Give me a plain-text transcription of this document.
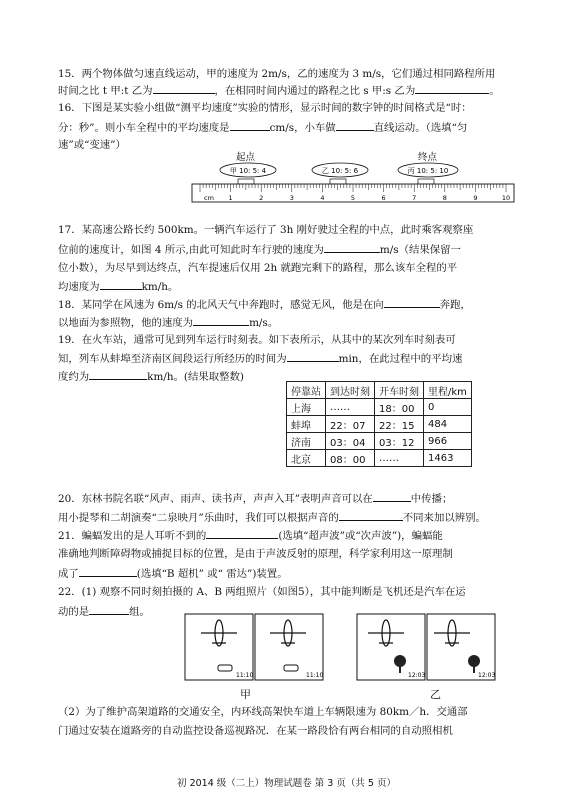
15．两个物体做匀速直线运动，甲的速度为 2m/s，乙的速度为 3 m/s，它们通过相同路程所用
时间之比 t 甲:t 乙为	，在相同时间内通过的路程之比 s 甲:s 乙为	。
16．下图是某实验小组做“测平均速度”实验的情形，显示时间的数字钟的时间格式是“时：
分：秒”。则小车全程中的平均速度是	cm/s，小车做	直线运动。（选填“匀
速”或“变速”）
起点	终点
甲 10: 5: 4	乙 10: 5: 6	丙 10: 5: 10
1	2	3	4	5	6	7	8	9	10
cm
17．某高速公路长约 500km。一辆汽车运行了 3h 刚好驶过全程的中点，此时乘客观察座
位前的速度计，如图 4 所示,由此可知此时车行驶的速度为	m/s（结果保留一
位小数），为尽早到达终点，汽车提速后仅用 2h 就跑完剩下的路程，那么该车全程的平
均速度为	km/h。
18．某同学在风速为 6m/s 的北风天气中奔跑时，感觉无风，他是在向	奔跑，
以地面为参照物，他的速度为	m/s。
19．在火车站，通常可见到列车运行时刻表。如下表所示，从其中的某次列车时刻表可
知，列车从蚌埠至济南区间段运行所经历的时间为	min，在此过程中的平均速
度约为	km/h。(结果取整数)
停靠站	到达时刻	开车时刻	里程/km
上海	……	18：00	0
蚌埠	22：07	22：15	484
济南	03：04	03：12	966
北京	08：00	……	1463
20．东林书院名联“风声、雨声、读书声，声声入耳”表明声音可以在	中传播；
用小提琴和二胡演奏“二泉映月”乐曲时，我们可以根据声音的	不同来加以辨别。
21．蝙蝠发出的是人耳听不到的	(选填“超声波”或“次声波”)，蝙蝠能
准确地判断障碍物或捕捉目标的位置，是由于声波反射的原理，科学家利用这一原理制
成了	(选填“B 超机” 或“ 雷达”)装置。
22．(1) 观察不同时刻拍摄的 A、B 两组照片（如图5），其中能判断是飞机还是汽车在运
动的是	组。
11:10	11:10	12:03	12:03
甲	乙
（2）为了维护高架道路的交通安全，内环线高架快车道上车辆限速为 80km／h．交通部
门通过安装在道路旁的自动监控设备巡视路况．在某一路段恰有两台相同的自动照相机
初 2014 级（二上）物理试题卷 第 3 页（共 5 页）
